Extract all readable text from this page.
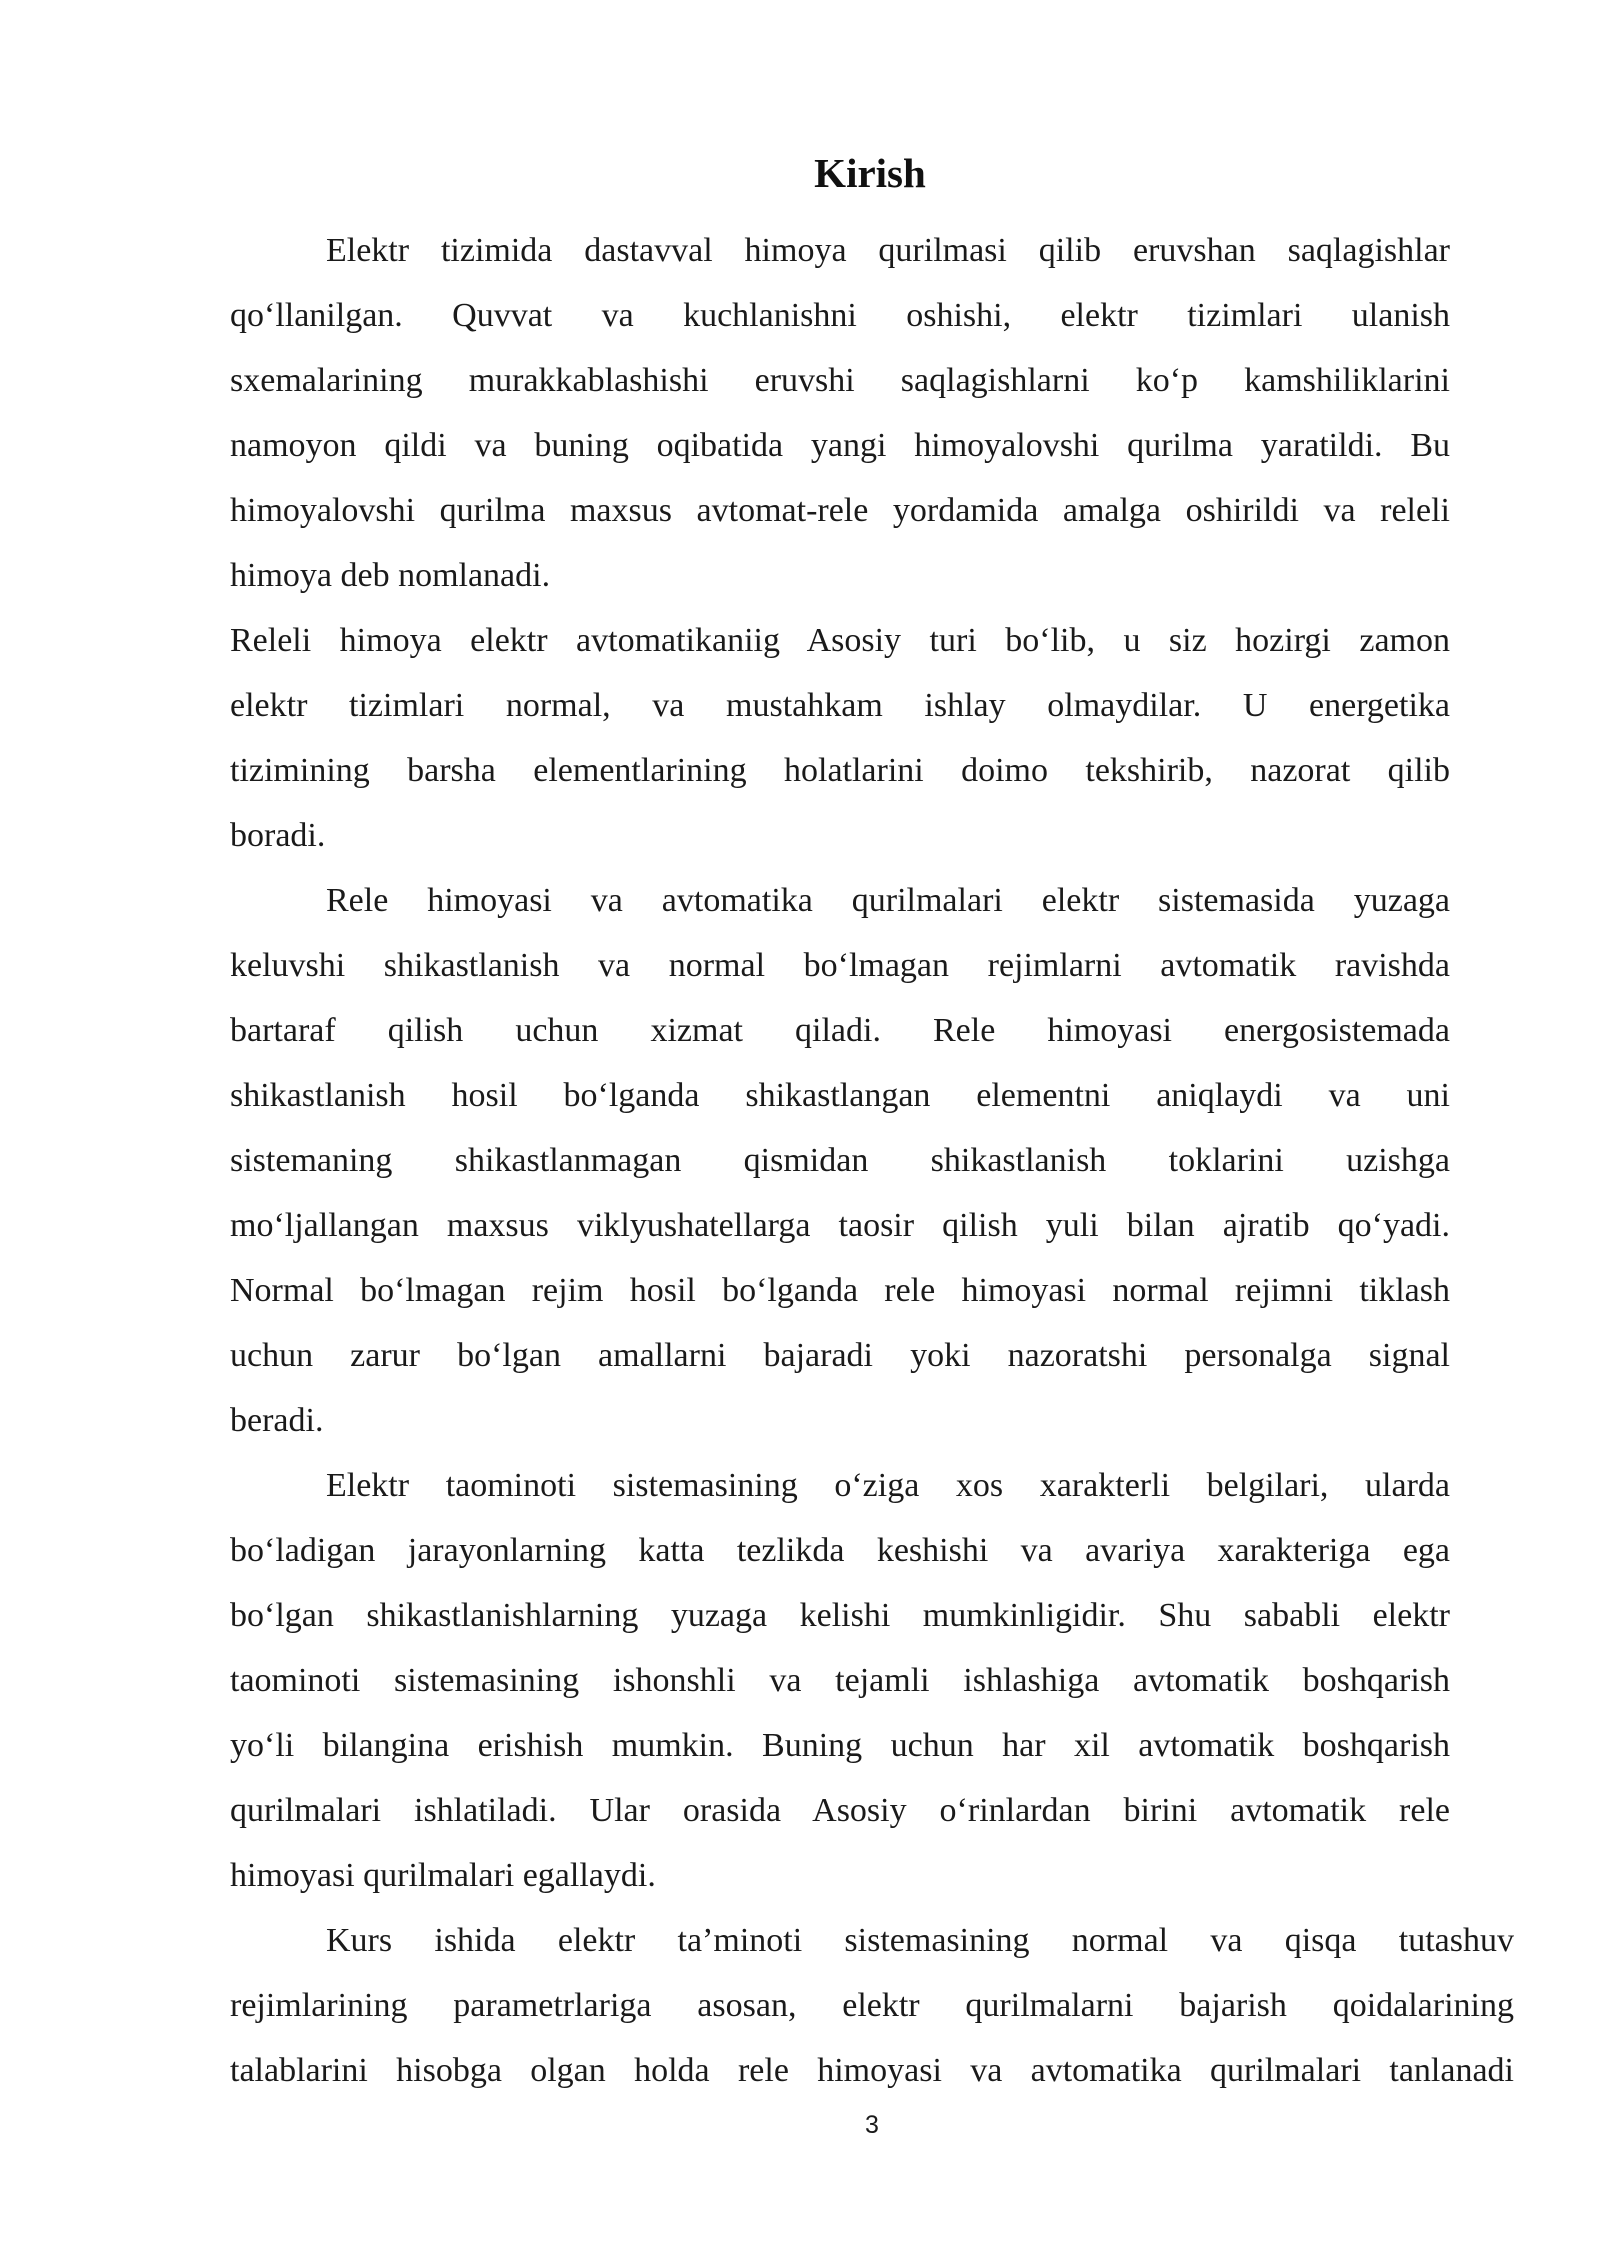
Kirish

Elektr tizimida dastavval himoya qurilmasi qilib eruvshan saqlagishlar

qo‘llanilgan. Quvvat va kuchlanishni oshishi, elektr tizimlari ulanish

sxemalarining murakkablashishi eruvshi saqlagishlarni ko‘p kamshiliklarini

namoyon qildi va buning oqibatida yangi himoyalovshi qurilma yaratildi. Bu

himoyalovshi qurilma maxsus avtomat-rele yordamida amalga oshirildi va releli

himoya deb nomlanadi.

Releli himoya elektr avtomatikaniig Asosiy turi bo‘lib, u siz hozirgi zamon

elektr tizimlari normal, va mustahkam ishlay olmaydilar. U energetika

tizimining barsha elementlarining holatlarini doimo tekshirib, nazorat qilib

boradi.

Rele himoyasi va avtomatika qurilmalari elektr sistemasida yuzaga

keluvshi shikastlanish va normal bo‘lmagan rejimlarni avtomatik ravishda

bartaraf qilish uchun xizmat qiladi. Rele himoyasi energosistemada

shikastlanish hosil bo‘lganda shikastlangan elementni aniqlaydi va uni

sistemaning shikastlanmagan qismidan shikastlanish toklarini uzishga

mo‘ljallangan maxsus viklyushatellarga taosir qilish yuli bilan ajratib qo‘yadi.

Normal bo‘lmagan rejim hosil bo‘lganda rele himoyasi normal rejimni tiklash

uchun zarur bo‘lgan amallarni bajaradi yoki nazoratshi personalga signal

beradi.

Elektr taominoti sistemasining o‘ziga xos xarakterli belgilari, ularda

bo‘ladigan jarayonlarning katta tezlikda keshishi va avariya xarakteriga ega

bo‘lgan shikastlanishlarning yuzaga kelishi mumkinligidir. Shu sababli elektr

taominoti sistemasining ishonshli va tejamli ishlashiga avtomatik boshqarish

yo‘li bilangina erishish mumkin. Buning uchun har xil avtomatik boshqarish

qurilmalari ishlatiladi. Ular orasida Asosiy o‘rinlardan birini avtomatik rele

himoyasi qurilmalari egallaydi.

Kurs ishida elektr ta’minoti sistemasining normal va qisqa tutashuv

rejimlarining parametrlariga asosan, elektr qurilmalarni bajarish qoidalarining

talablarini hisobga olgan holda rele himoyasi va avtomatika qurilmalari tanlanadi

3
